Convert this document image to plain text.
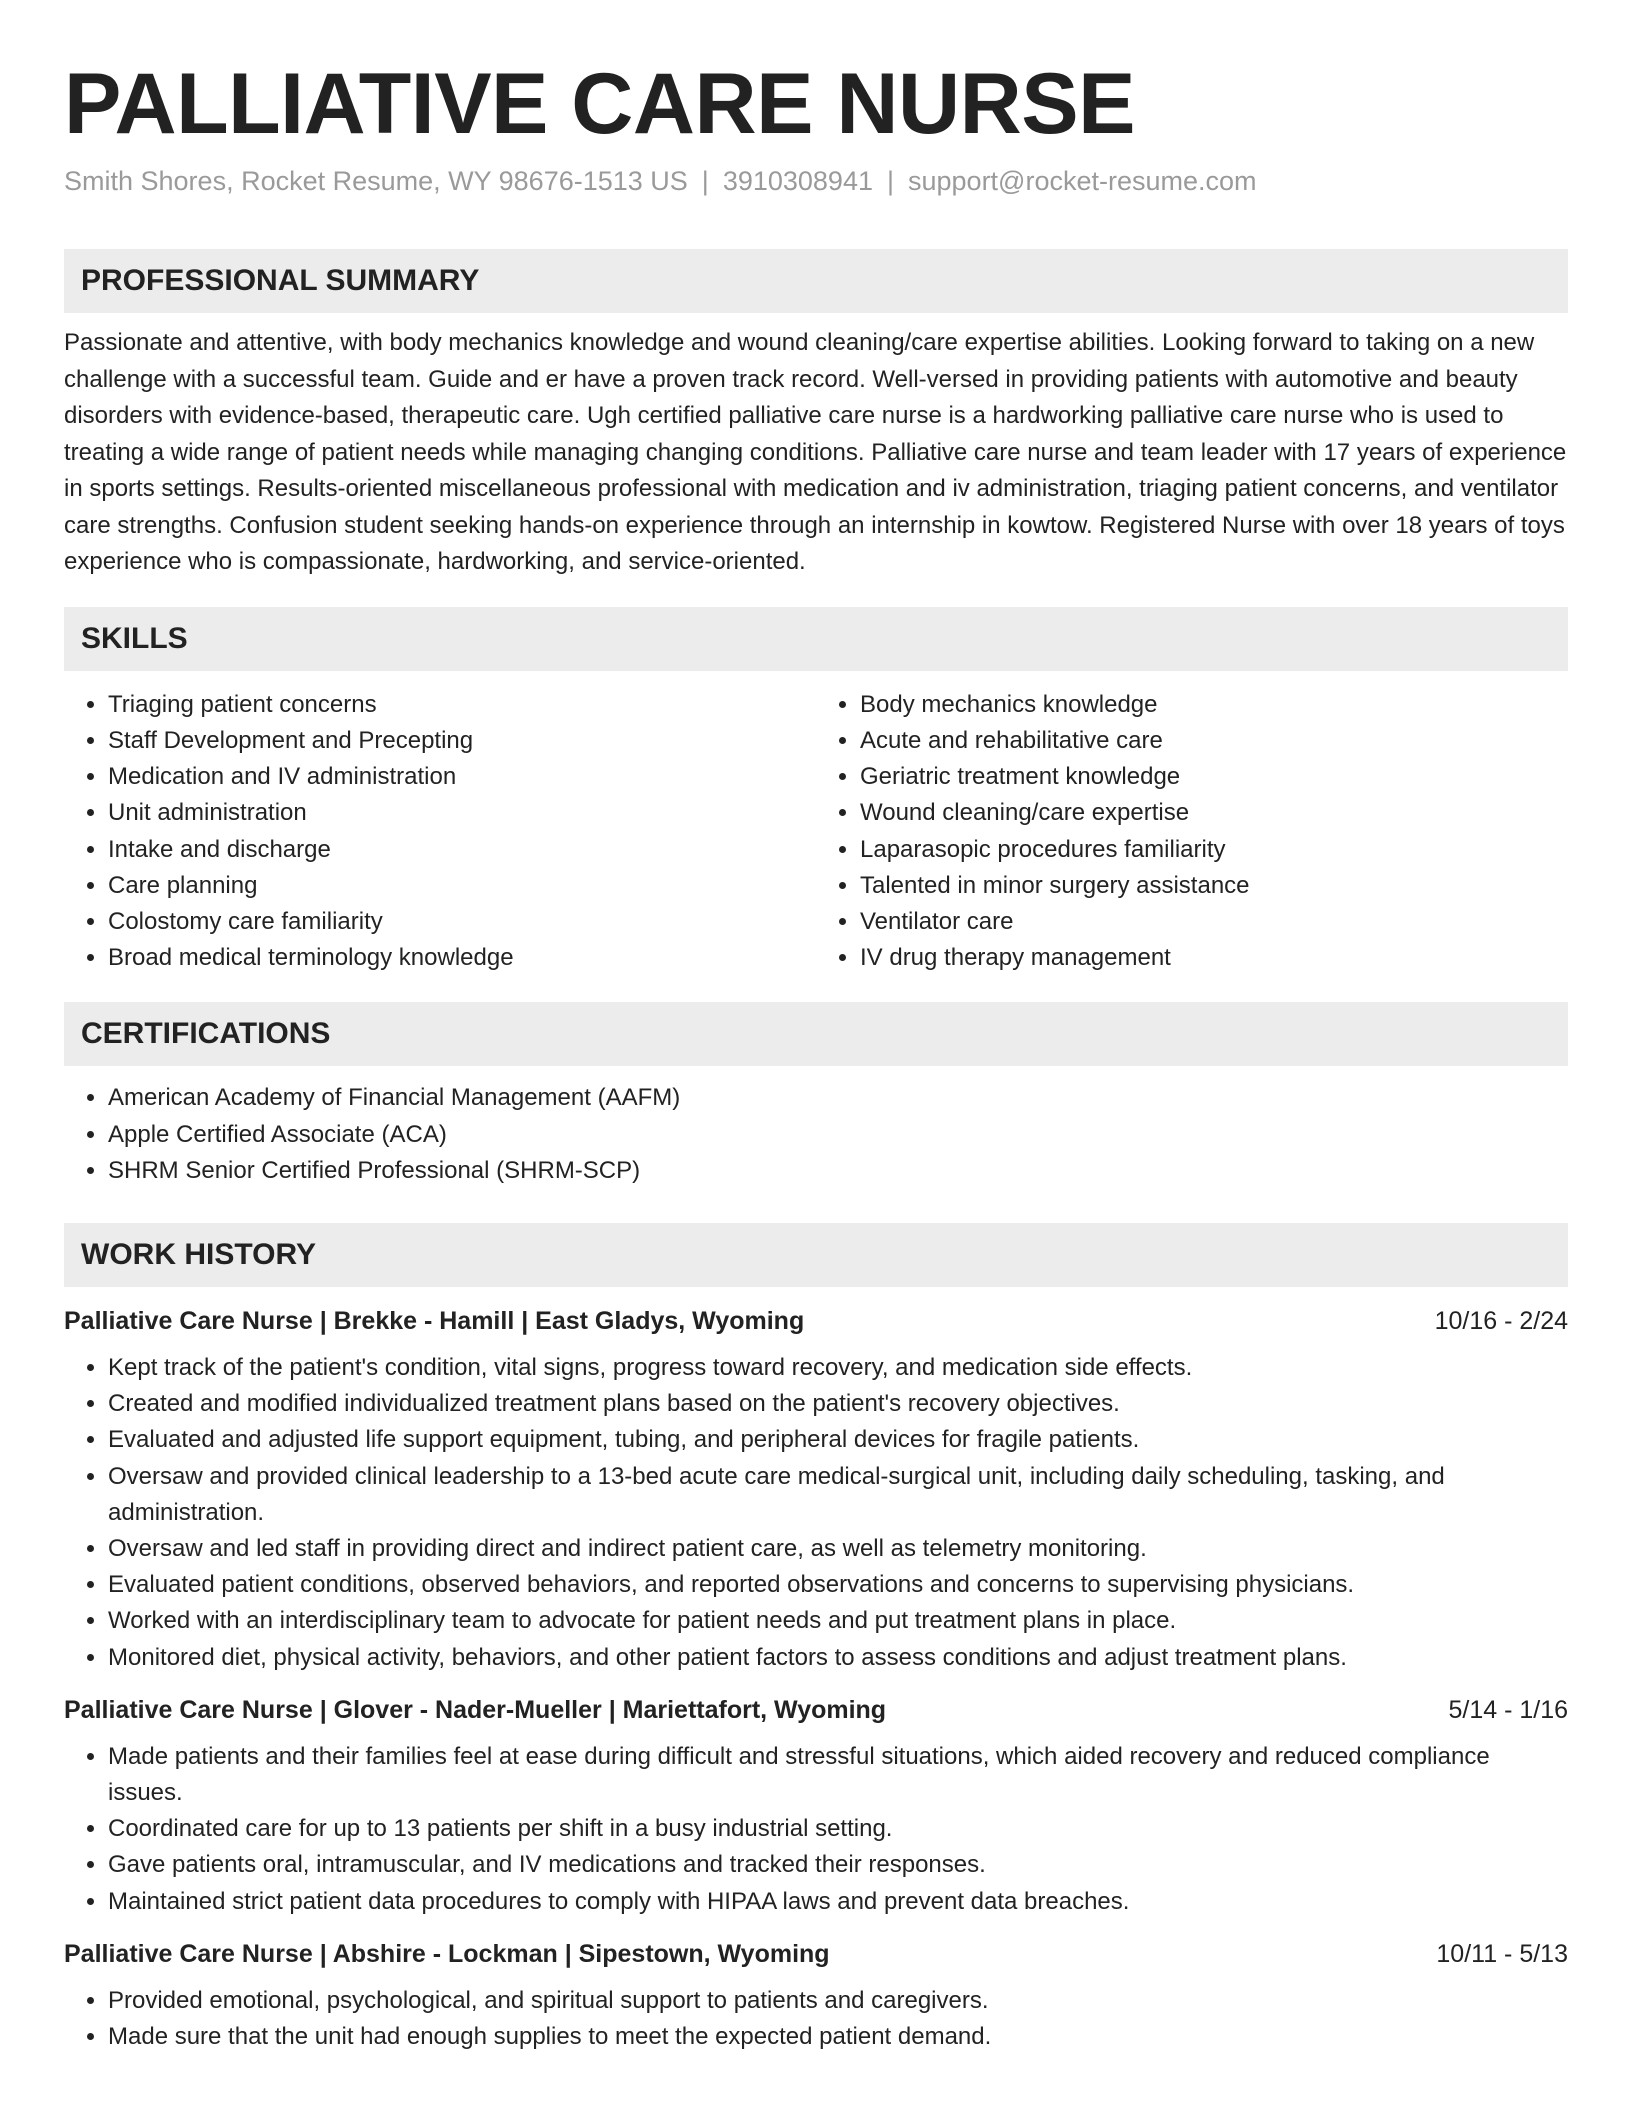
PALLIATIVE CARE NURSE
Smith Shores, Rocket Resume, WY 98676-1513 US | 3910308941 | support@rocket-resume.com
PROFESSIONAL SUMMARY

Passionate and attentive, with body mechanics knowledge and wound cleaning/care expertise abilities. Looking forward to taking on a new challenge with a successful team. Guide and er have a proven track record. Well-versed in providing patients with automotive and beauty disorders with evidence-based, therapeutic care. Ugh certified palliative care nurse is a hardworking palliative care nurse who is used to treating a wide range of patient needs while managing changing conditions. Palliative care nurse and team leader with 17 years of experience in sports settings. Results-oriented miscellaneous professional with medication and iv administration, triaging patient concerns, and ventilator care strengths. Confusion student seeking hands-on experience through an internship in kowtow. Registered Nurse with over 18 years of toys experience who is compassionate, hardworking, and service-oriented.

SKILLS
• Triaging patient concerns
• Staff Development and Precepting
• Medication and IV administration
• Unit administration
• Intake and discharge
• Care planning
• Colostomy care familiarity
• Broad medical terminology knowledge
• Body mechanics knowledge
• Acute and rehabilitative care
• Geriatric treatment knowledge
• Wound cleaning/care expertise
• Laparasopic procedures familiarity
• Talented in minor surgery assistance
• Ventilator care
• IV drug therapy management
CERTIFICATIONS
• American Academy of Financial Management (AAFM)
• Apple Certified Associate (ACA)
• SHRM Senior Certified Professional (SHRM-SCP)
WORK HISTORY
Palliative Care Nurse | Brekke - Hamill | East Gladys, Wyoming	10/16 - 2/24
• Kept track of the patient's condition, vital signs, progress toward recovery, and medication side effects.
• Created and modified individualized treatment plans based on the patient's recovery objectives.
• Evaluated and adjusted life support equipment, tubing, and peripheral devices for fragile patients.
• Oversaw and provided clinical leadership to a 13-bed acute care medical-surgical unit, including daily scheduling, tasking, and administration.
• Oversaw and led staff in providing direct and indirect patient care, as well as telemetry monitoring.
• Evaluated patient conditions, observed behaviors, and reported observations and concerns to supervising physicians.
• Worked with an interdisciplinary team to advocate for patient needs and put treatment plans in place.
• Monitored diet, physical activity, behaviors, and other patient factors to assess conditions and adjust treatment plans.
Palliative Care Nurse | Glover - Nader-Mueller | Mariettafort, Wyoming	5/14 - 1/16
• Made patients and their families feel at ease during difficult and stressful situations, which aided recovery and reduced compliance issues.
• Coordinated care for up to 13 patients per shift in a busy industrial setting.
• Gave patients oral, intramuscular, and IV medications and tracked their responses.
• Maintained strict patient data procedures to comply with HIPAA laws and prevent data breaches.
Palliative Care Nurse | Abshire - Lockman | Sipestown, Wyoming	10/11 - 5/13
• Provided emotional, psychological, and spiritual support to patients and caregivers.
• Made sure that the unit had enough supplies to meet the expected patient demand.
